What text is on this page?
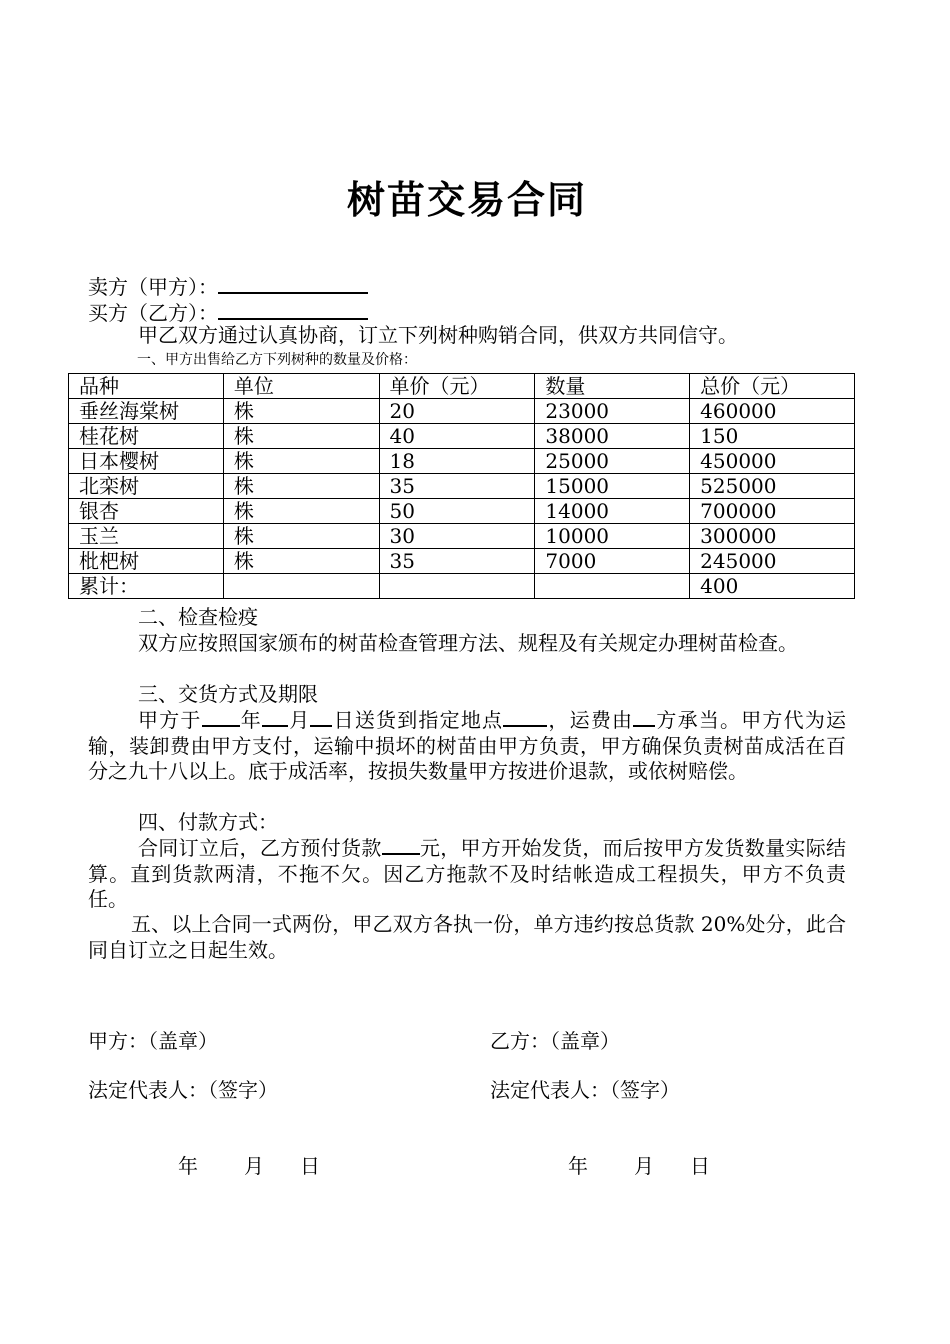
树苗交易合同
卖方（甲方）：
买方（乙方）：
甲乙双方通过认真协商，订立下列树种购销合同，供双方共同信守。
一、甲方出售给乙方下列树种的数量及价格：
品种	单位	单价（元）	数量	总价（元）
垂丝海棠树	株	20	23000	460000
桂花树	株	40	38000	150
日本樱树	株	18	25000	450000
北栾树	株	35	15000	525000
银杏	株	50	14000	700000
玉兰	株	30	10000	300000
枇杷树	株	35	7000	245000
累计：				400
二、检查检疫
双方应按照国家颁布的树苗检查管理方法、规程及有关规定办理树苗检查。
三、交货方式及期限
甲方于 年 月 日送货到指定地点 ，运费由 方承当。甲方代为运输，装卸费由甲方支付，运输中损坏的树苗由甲方负责，甲方确保负责树苗成活在百分之九十八以上。底于成活率，按损失数量甲方按进价退款，或依树赔偿。
四、付款方式：
合同订立后，乙方预付货款 元，甲方开始发货，而后按甲方发货数量实际结算。直到货款两清，不拖不欠。因乙方拖款不及时结帐造成工程损失，甲方不负责任。
五、以上合同一式两份，甲乙双方各执一份，单方违约按总货款 20%处分，此合同自订立之日起生效。
甲方：（盖章）	乙方：（盖章）
法定代表人：（签字）	法定代表人：（签字）
年 月 日	年 月 日
